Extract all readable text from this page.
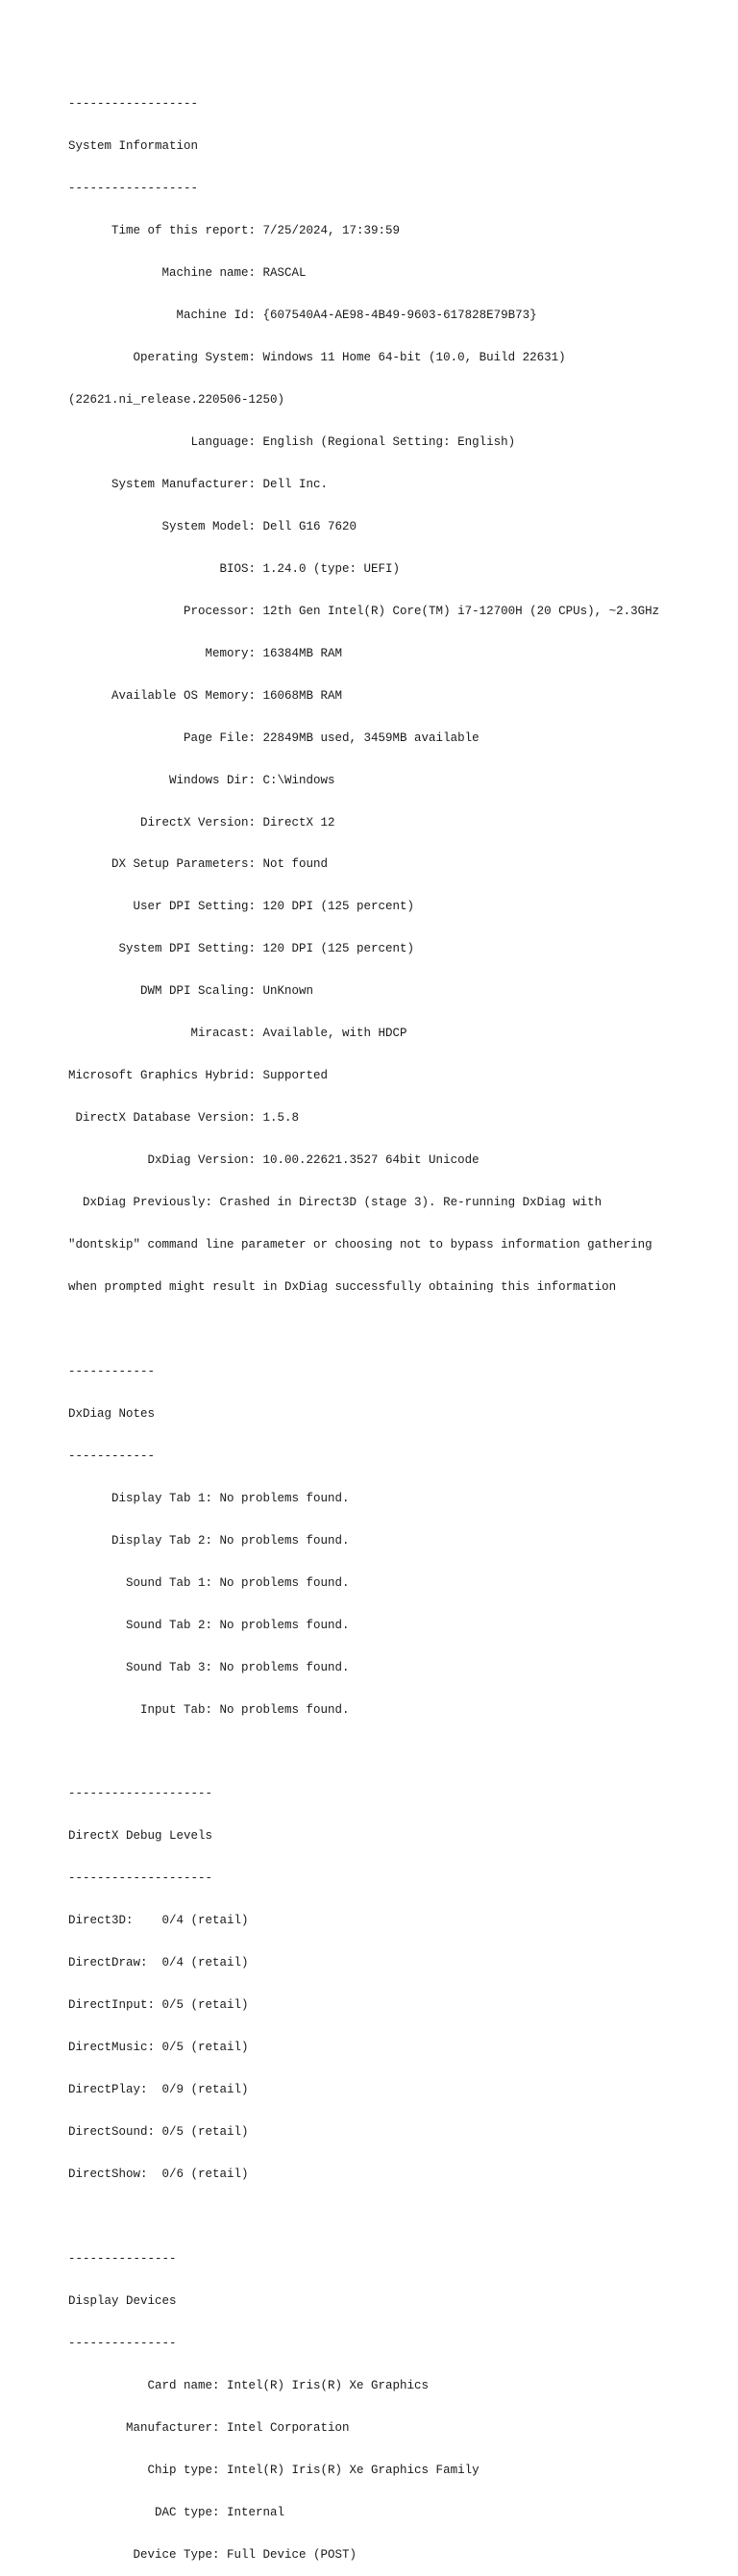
------------------

System Information

------------------

Time of this report: 7/25/2024, 17:39:59

Machine name: RASCAL

Machine Id: {607540A4-AE98-4B49-9603-617828E79B73}

Operating System: Windows 11 Home 64-bit (10.0, Build 22631)

(22621.ni_release.220506-1250)

Language: English (Regional Setting: English)

System Manufacturer: Dell Inc.

System Model: Dell G16 7620

BIOS: 1.24.0 (type: UEFI)

Processor: 12th Gen Intel(R) Core(TM) i7-12700H (20 CPUs), ~2.3GHz

Memory: 16384MB RAM

Available OS Memory: 16068MB RAM

Page File: 22849MB used, 3459MB available

Windows Dir: C:\Windows

DirectX Version: DirectX 12

DX Setup Parameters: Not found

User DPI Setting: 120 DPI (125 percent)

System DPI Setting: 120 DPI (125 percent)

DWM DPI Scaling: UnKnown

Miracast: Available, with HDCP

Microsoft Graphics Hybrid: Supported

DirectX Database Version: 1.5.8

DxDiag Version: 10.00.22621.3527 64bit Unicode

DxDiag Previously: Crashed in Direct3D (stage 3). Re-running DxDiag with

"dontskip" command line parameter or choosing not to bypass information gathering

when prompted might result in DxDiag successfully obtaining this information

------------

DxDiag Notes

------------

Display Tab 1: No problems found.

Display Tab 2: No problems found.

Sound Tab 1: No problems found.

Sound Tab 2: No problems found.

Sound Tab 3: No problems found.

Input Tab: No problems found.

--------------------

DirectX Debug Levels

--------------------

Direct3D:    0/4 (retail)

DirectDraw:  0/4 (retail)

DirectInput: 0/5 (retail)

DirectMusic: 0/5 (retail)

DirectPlay:  0/9 (retail)

DirectSound: 0/5 (retail)

DirectShow:  0/6 (retail)

---------------

Display Devices

---------------

Card name: Intel(R) Iris(R) Xe Graphics

Manufacturer: Intel Corporation

Chip type: Intel(R) Iris(R) Xe Graphics Family

DAC type: Internal

Device Type: Full Device (POST)
